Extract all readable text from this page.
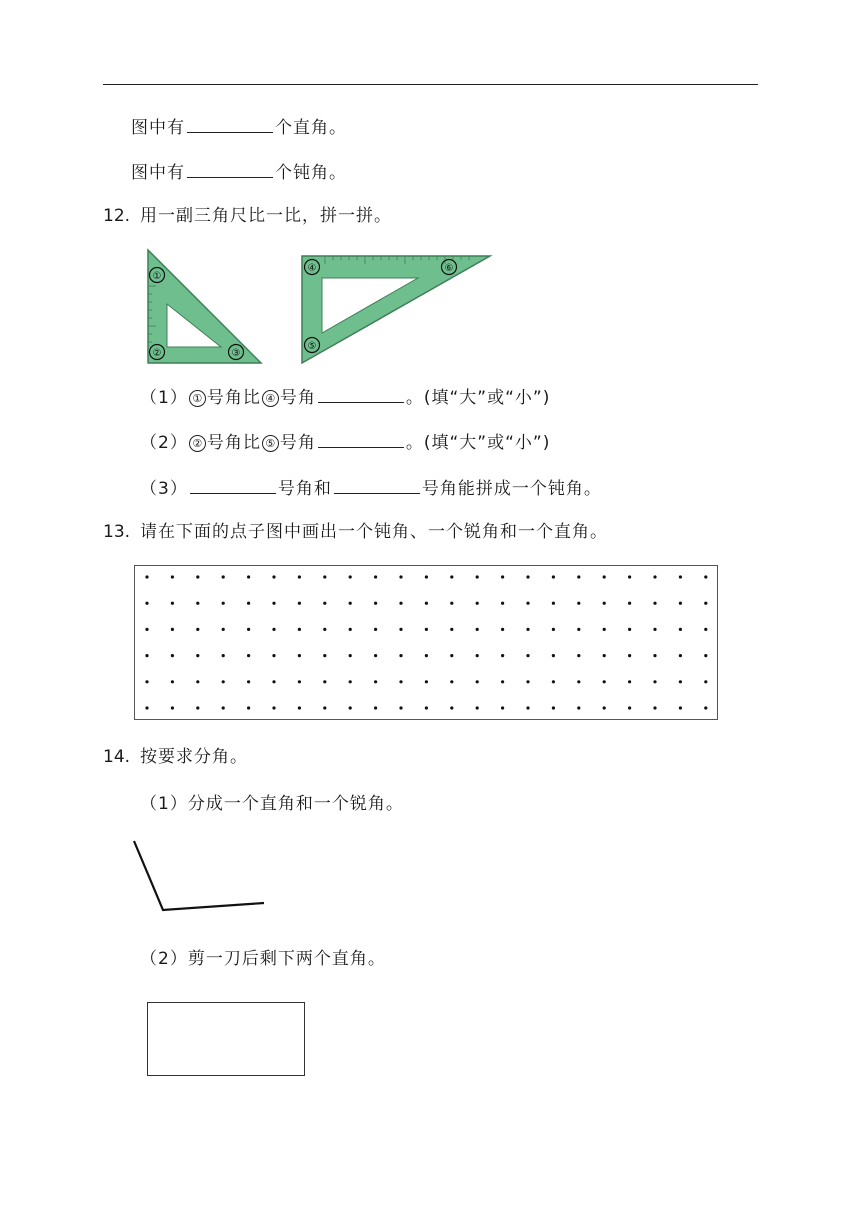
图中有	个直角。
图中有	个钝角。
12. 用一副三角尺比一比，拼一拼。
①
②	③
④
⑤
⑥
（1） ① 号角比 ④ 号角	。(填“大”或“小”)
（2） ② 号角比 ⑤ 号角	。(填“大”或“小”)
（3）	号角和	号角能拼成一个钝角。
13. 请在下面的点子图中画出一个钝角、一个锐角和一个直角。
14. 按要求分角。
（1）分成一个直角和一个锐角。
（2）剪一刀后剩下两个直角。
